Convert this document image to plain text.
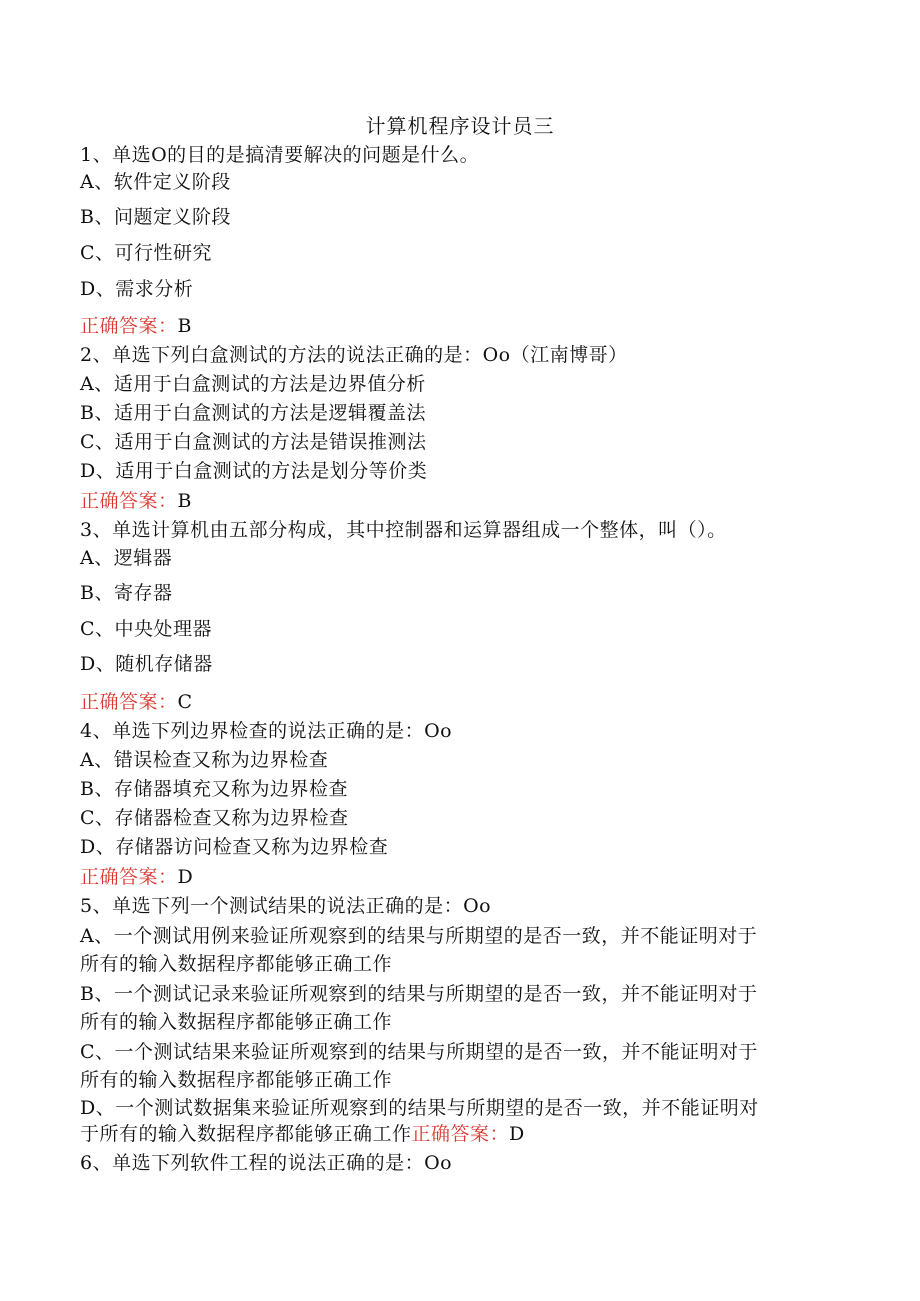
计算机程序设计员三
1、单选O的目的是搞清要解决的问题是什么。
A、软件定义阶段
B、问题定义阶段
C、可行性研究
D、需求分析
正确答案：B
2、单选下列白盒测试的方法的说法正确的是：Oo（江南博哥）
A、适用于白盒测试的方法是边界值分析
B、适用于白盒测试的方法是逻辑覆盖法
C、适用于白盒测试的方法是错误推测法
D、适用于白盒测试的方法是划分等价类
正确答案：B
3、单选计算机由五部分构成，其中控制器和运算器组成一个整体，叫（）。
A、逻辑器
B、寄存器
C、中央处理器
D、随机存储器
正确答案：C
4、单选下列边界检查的说法正确的是：Oo
A、错误检查又称为边界检查
B、存储器填充又称为边界检查
C、存储器检查又称为边界检查
D、存储器访问检查又称为边界检查
正确答案：D
5、单选下列一个测试结果的说法正确的是：Oo
A、一个测试用例来验证所观察到的结果与所期望的是否一致，并不能证明对于
所有的输入数据程序都能够正确工作
B、一个测试记录来验证所观察到的结果与所期望的是否一致，并不能证明对于
所有的输入数据程序都能够正确工作
C、一个测试结果来验证所观察到的结果与所期望的是否一致，并不能证明对于
所有的输入数据程序都能够正确工作
D、一个测试数据集来验证所观察到的结果与所期望的是否一致，并不能证明对
于所有的输入数据程序都能够正确工作正确答案：D
6、单选下列软件工程的说法正确的是：Oo
